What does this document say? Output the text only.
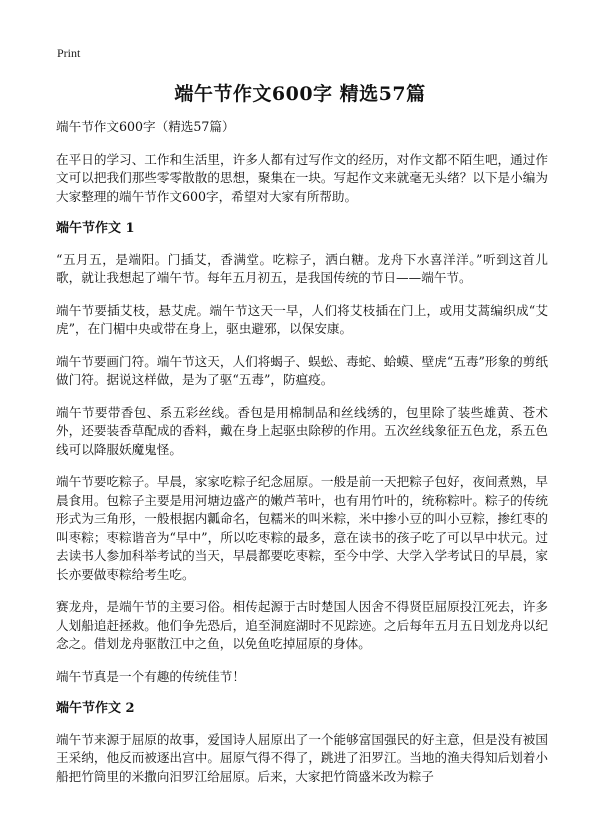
Print
端午节作文600字 精选57篇

端午节作文600字（精选57篇）

在平日的学习、工作和生活里，许多人都有过写作文的经历，对作文都不陌生吧，通过作文可以把我们那些零零散散的思想，聚集在一块。写起作文来就毫无头绪？以下是小编为大家整理的端午节作文600字，希望对大家有所帮助。

端午节作文 1

“五月五，是端阳。门插艾，香满堂。吃粽子，洒白糖。龙舟下水喜洋洋。”听到这首儿歌，就让我想起了端午节。每年五月初五，是我国传统的节日——端午节。

端午节要插艾枝，悬艾虎。端午节这天一早，人们将艾枝插在门上，或用艾蒿编织成“艾虎”，在门楣中央或带在身上，驱虫避邪，以保安康。

端午节要画门符。端午节这天，人们将蝎子、蜈蚣、毒蛇、蛤蟆、壁虎“五毒”形象的剪纸做门符。据说这样做，是为了驱“五毒”，防瘟疫。

端午节要带香包、系五彩丝线。香包是用棉制品和丝线绣的，包里除了装些雄黄、苍术外，还要装香草配成的香料，戴在身上起驱虫除秽的作用。五次丝线象征五色龙，系五色线可以降服妖魔鬼怪。

端午节要吃粽子。早晨，家家吃粽子纪念屈原。一般是前一天把粽子包好，夜间煮熟，早晨食用。包粽子主要是用河塘边盛产的嫩芦苇叶，也有用竹叶的，统称粽叶。粽子的传统形式为三角形，一般根据内瓤命名，包糯米的叫米粽，米中掺小豆的叫小豆粽，掺红枣的叫枣粽；枣粽谐音为“早中”，所以吃枣粽的最多，意在读书的孩子吃了可以早中状元。过去读书人参加科举考试的当天，早晨都要吃枣粽，至今中学、大学入学考试日的早晨，家长亦要做枣粽给考生吃。

赛龙舟，是端午节的主要习俗。相传起源于古时楚国人因舍不得贤臣屈原投江死去，许多人划船追赶拯救。他们争先恐后，追至洞庭湖时不见踪迹。之后每年五月五日划龙舟以纪念之。借划龙舟驱散江中之鱼，以免鱼吃掉屈原的身体。

端午节真是一个有趣的传统佳节！

端午节作文 2

端午节来源于屈原的故事，爱国诗人屈原出了一个能够富国强民的好主意，但是没有被国王采纳，他反而被逐出宫中。屈原气得不得了，跳进了汨罗江。当地的渔夫得知后划着小船把竹筒里的米撒向汨罗江给屈原。后来，大家把竹筒盛米改为粽子
